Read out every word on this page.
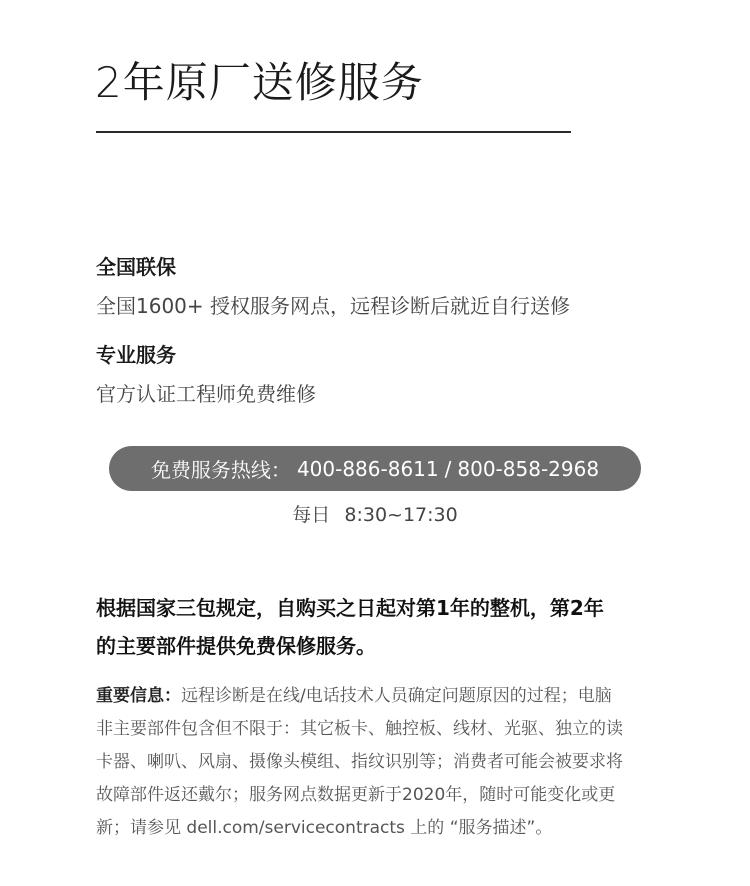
2年原厂送修服务
全国联保
全国1600+ 授权服务网点，远程诊断后就近自行送修
专业服务
官方认证工程师免费维修
免费服务热线： 400-886-8611 / 800-858-2968
每日 8:30~17:30
根据国家三包规定，自购买之日起对第1年的整机，第2年
的主要部件提供免费保修服务。
重要信息：远程诊断是在线/电话技术人员确定问题原因的过程；电脑
非主要部件包含但不限于：其它板卡、触控板、线材、光驱、独立的读
卡器、喇叭、风扇、摄像头模组、指纹识别等；消费者可能会被要求将
故障部件返还戴尔；服务网点数据更新于2020年，随时可能变化或更
新；请参见 dell.com/servicecontracts 上的 “服务描述”。
